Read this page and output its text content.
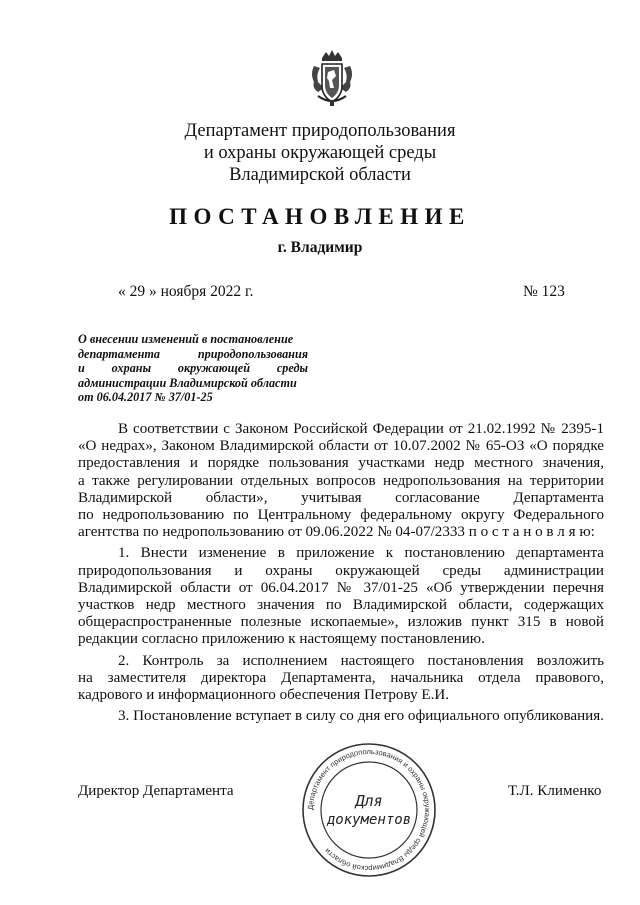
Департамент природопользования
и охраны окружающей среды
Владимирской области
ПОСТАНОВЛЕНИЕ
г. Владимир
« 29 » ноября 2022 г.	№ 123
О внесении изменений в постановление
департамента природопользования
и охраны окружающей среды
администрации Владимирской области
от 06.04.2017 № 37/01-25
В соответствии с Законом Российской Федерации от 21.02.1992 № 2395-1
«О недрах», Законом Владимирской области от 10.07.2002 № 65-ОЗ «О порядке
предоставления и порядке пользования участками недр местного значения,
а также регулировании отдельных вопросов недропользования на территории
Владимирской области», учитывая согласование Департамента
по недропользованию по Центральному федеральному округу Федерального
агентства по недропользованию от 09.06.2022 № 04-07/2333 п о с т а н о в л я ю:
1. Внести изменение в приложение к постановлению департамента
природопользования и охраны окружающей среды администрации
Владимирской области от 06.04.2017 № 37/01-25 «Об утверждении перечня
участков недр местного значения по Владимирской области, содержащих
общераспространенные полезные ископаемые», изложив пункт 315 в новой
редакции согласно приложению к настоящему постановлению.
2. Контроль за исполнением настоящего постановления возложить
на заместителя директора Департамента, начальника отдела правового,
кадрового и информационного обеспечения Петрову Е.И.
3. Постановление вступает в силу со дня его официального опубликования.
Директор Департамента	Т.Л. Клименко
Департамент природопользования и охраны окружающей среды Владимирской области
Для
документов
